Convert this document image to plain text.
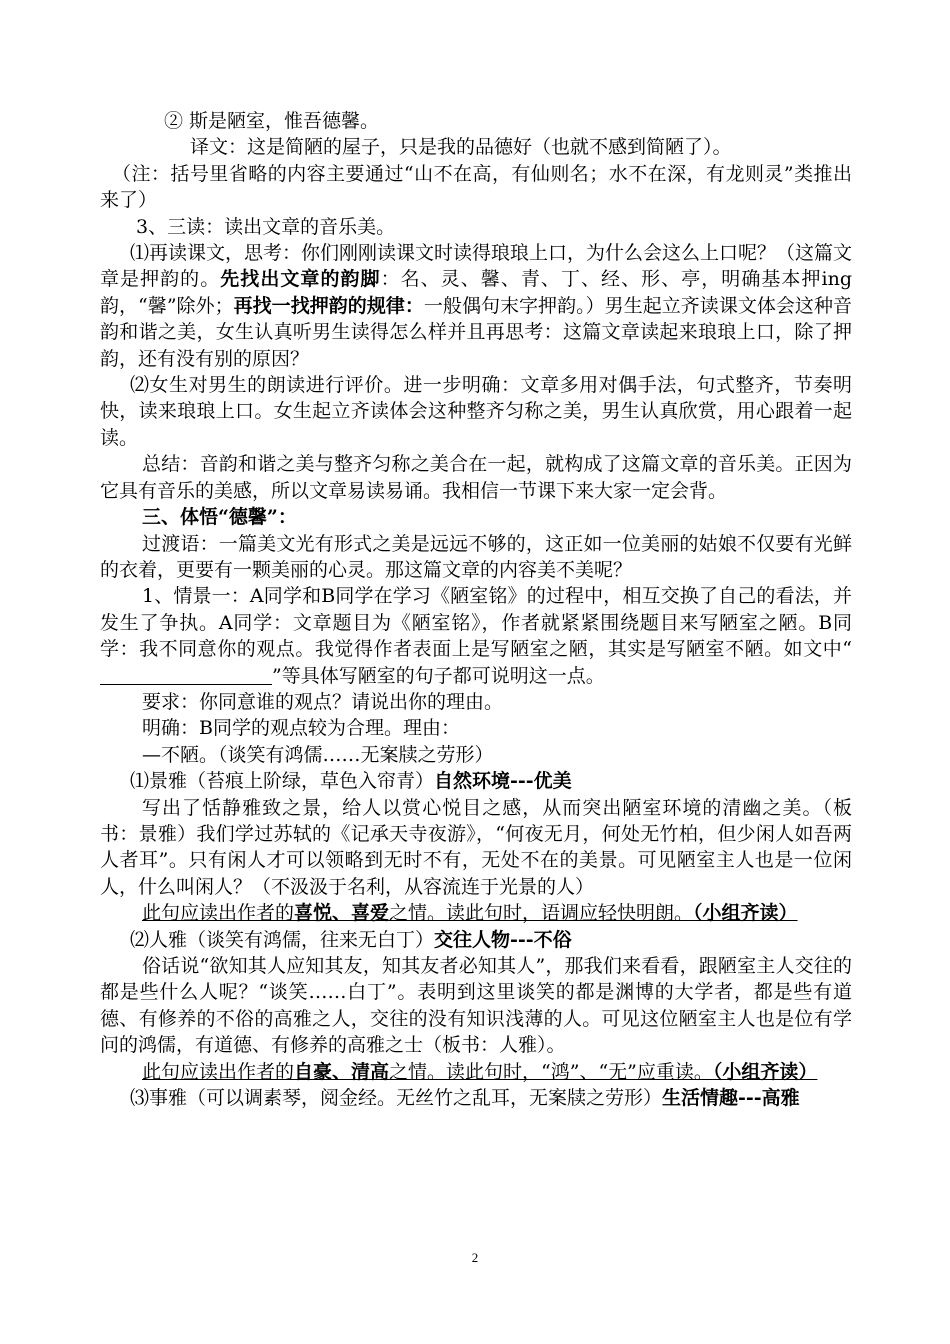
② 斯是陋室，惟吾德馨。

译文：这是简陋的屋子，只是我的品德好（也就不感到简陋了）。

（注：括号里省略的内容主要通过“山不在高，有仙则名；水不在深，有龙则灵”类推出来了）

3、三读：读出文章的音乐美。

⑴再读课文，思考：你们刚刚读课文时读得琅琅上口，为什么会这么上口呢？（这篇文章是押韵的。先找出文章的韵脚：名、灵、馨、青、丁、经、形、亭，明确基本押ing韵，“馨”除外；再找一找押韵的规律：一般偶句末字押韵。）男生起立齐读课文体会这种音韵和谐之美，女生认真听男生读得怎么样并且再思考：这篇文章读起来琅琅上口，除了押韵，还有没有别的原因？

⑵女生对男生的朗读进行评价。进一步明确：文章多用对偶手法，句式整齐，节奏明快，读来琅琅上口。女生起立齐读体会这种整齐匀称之美，男生认真欣赏，用心跟着一起读。

总结：音韵和谐之美与整齐匀称之美合在一起，就构成了这篇文章的音乐美。正因为它具有音乐的美感，所以文章易读易诵。我相信一节课下来大家一定会背。

三、体悟“德馨”：

过渡语：一篇美文光有形式之美是远远不够的，这正如一位美丽的姑娘不仅要有光鲜的衣着，更要有一颗美丽的心灵。那这篇文章的内容美不美呢？

1、情景一：A同学和B同学在学习《陋室铭》的过程中，相互交换了自己的看法，并发生了争执。A同学：文章题目为《陋室铭》，作者就紧紧围绕题目来写陋室之陋。B同学：我不同意你的观点。我觉得作者表面上是写陋室之陋，其实是写陋室不陋。如文中“”等具体写陋室的句子都可说明这一点。

要求：你同意谁的观点？请说出你的理由。

明确：B同学的观点较为合理。理由：

—不陋。（谈笑有鸿儒……无案牍之劳形）

⑴景雅（苔痕上阶绿，草色入帘青）自然环境---优美

写出了恬静雅致之景，给人以赏心悦目之感，从而突出陋室环境的清幽之美。（板书：景雅）我们学过苏轼的《记承天寺夜游》，“何夜无月，何处无竹柏，但少闲人如吾两人者耳”。只有闲人才可以领略到无时不有，无处不在的美景。可见陋室主人也是一位闲人，什么叫闲人？（不汲汲于名利，从容流连于光景的人）

此句应读出作者的喜悦、喜爱之情。读此句时，语调应轻快明朗。（小组齐读）

⑵人雅（谈笑有鸿儒，往来无白丁）交往人物---不俗

俗话说“欲知其人应知其友，知其友者必知其人”，那我们来看看，跟陋室主人交往的都是些什么人呢？“谈笑……白丁”。表明到这里谈笑的都是渊博的大学者，都是些有道德、有修养的不俗的高雅之人，交往的没有知识浅薄的人。可见这位陋室主人也是位有学问的鸿儒，有道德、有修养的高雅之士（板书：人雅）。

此句应读出作者的自豪、清高之情。读此句时，“鸿”、“无”应重读。（小组齐读）

⑶事雅（可以调素琴，阅金经。无丝竹之乱耳，无案牍之劳形）生活情趣---高雅

2
